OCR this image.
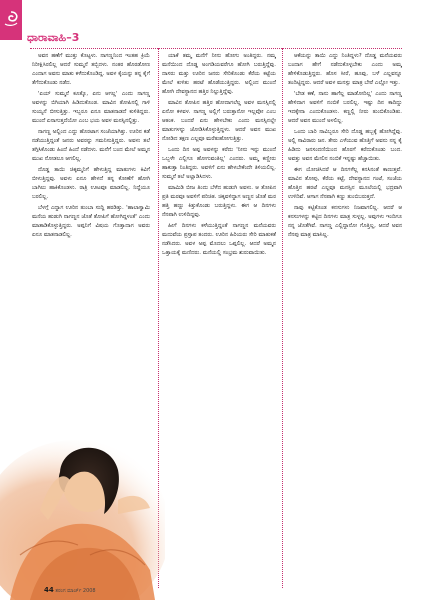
ಧಾರಾವಾಹಿ–3

ಅವನ ಹಣೆಗೆ ಮುತ್ತು ಕೊಟ್ಟಳು. ನಾಗಣ್ಣನಿಂದ ಇಂತಹ ಕ್ರಿಯೆ ನಿರೀಕ್ಷಿಸಿರಲಿಲ್ಲ ಆದರೆ ಸುಮ್ಮನೆ ತಬ್ಬಿದಳು. ನಂತರ ಹೊರಡೋಣ ಎಂದಾಗ ಅವನು ಮಾತು ಕಳೆದುಕೊಂಡಿದ್ದ. ಅವಳ ಕೈಯನ್ನು ತನ್ನ ಕೈಗೆ ತೆಗೆದುಕೊಂಡು ನಡೆದ.

'ಏಯ್ ಸುಮ್ಮನೆ ಕೂತ್ಕೊ, ಏನು ಆಗಲ್ಲ' ಎಂದು ನಾಗಣ್ಣ ಅವಳನ್ನು ಬಿಗಿಯಾಗಿ ಹಿಡಿದುಕೊಂಡ. ಮಾವಿನ ತೋಪಿನಲ್ಲಿ ಗಾಳಿ ಸುಯ್ಯನೆ ಬೀಸುತ್ತಿತ್ತು. ಇಬ್ಬರೂ ಏನೂ ಮಾತನಾಡದೆ ಕುಳಿತಿದ್ದರು. ಮುಂದೆ ಏನಾಗುತ್ತದೆಯೋ ಎಂಬ ಭಯ ಅವಳ ಮನಸ್ಸಿನಲ್ಲಿತ್ತು.

ನಾಗಣ್ಣ ಅಲ್ಲಿಂದ ಎದ್ದು ಹೊರಟಾಗ ಸಂಜೆಯಾಗಿತ್ತು. ಊರಿನ ಕಡೆ ನಡೆಯುತ್ತಿದ್ದಂತೆ ಜನರು ಅವರನ್ನು ಗಮನಿಸುತ್ತಿದ್ದರು. ಅವಳು ತಲೆ ತಗ್ಗಿಸಿಕೊಂಡು ಹಿಂದೆ ಹಿಂದೆ ನಡೆದಳು. ಮನೆಗೆ ಬಂದ ಮೇಲೆ ಅಮ್ಮನ ಮುಖ ನೋಡಲೂ ಆಗಲಿಲ್ಲ.

ದೊಡ್ಡ ತಾಯಿ ಚಿಕ್ಕಮ್ಮನಿಗೆ ಹೇಳುತ್ತಿದ್ದ ಮಾತುಗಳು ಕಿವಿಗೆ ಬೀಳುತ್ತಿದ್ದವು. ಅವಳು ಏನೂ ಹೇಳದೆ ತನ್ನ ಕೋಣೆಗೆ ಹೋಗಿ ಬಾಗಿಲು ಹಾಕಿಕೊಂಡಳು. ರಾತ್ರಿ ಊಟವೂ ಮಾಡಲಿಲ್ಲ. ನಿದ್ದೆಯೂ ಬರಲಿಲ್ಲ.

ಬೆಳಗ್ಗೆ ಎದ್ದಾಗ ಊರಿನ ತುಂಬಾ ಸುದ್ದಿ ಹರಡಿತ್ತು. 'ಹಾಲಾಸ್ವಾಮಿ ಮನೆಯ ಹುಡುಗಿ ನಾಗಣ್ಣನ ಜೊತೆ ತೋಪಿಗೆ ಹೋಗಿದ್ದಳಂತೆ' ಎಂದು ಮಾತಾಡಿಕೊಳ್ಳುತ್ತಿದ್ದರು. ಅಪ್ಪನಿಗೆ ವಿಷಯ ಗೊತ್ತಾದಾಗ ಅವರು ಏನೂ ಮಾತನಾಡಲಿಲ್ಲ.

ಯಾಕೆ ತಮ್ಮ ಮನೆಗೆ ನೀನು ಹೋಗು ಅಂತಿದ್ದರು. ನಮ್ಮ ಮನೆಯಿಂದ ದೊಡ್ಡ ಅಂಗಡಿಯವರೆಗೂ ಹೋಗಿ ಬರುತ್ತಿದ್ದೆವು. ದಾಸರು ಮತ್ತು ಊರಿನ ಜನರು ಸೇರಿಕೊಂಡು ಕೆರೆಯ ಕಟ್ಟೆಯ ಮೇಲೆ ಕುಳಿತು ಹರಟೆ ಹೊಡೆಯುತ್ತಿದ್ದರು. ಅಲ್ಲಿಂದ ಮುಂದೆ ಹೋಗಿ ದೇವಸ್ಥಾನದ ಹತ್ತಿರ ನಿಲ್ಲುತ್ತಿದ್ದೆವು.

ಮಾವಿನ ತೋಪಿನ ಹತ್ತಿರ ಹೋದಾಗಲೆಲ್ಲ ಅವಳ ಮನಸ್ಸಿನಲ್ಲಿ ಏನೋ ಕಳವಳ. ನಾಗಣ್ಣ ಅಲ್ಲಿಗೆ ಬರುತ್ತಾನೋ ಇಲ್ಲವೋ ಎಂಬ ಆತಂಕ. ಬಂದರೆ ಏನು ಹೇಳಬೇಕು ಎಂದು ಮನಸ್ಸಿನಲ್ಲೇ ಮಾತುಗಳನ್ನು ಜೋಡಿಸಿಕೊಳ್ಳುತ್ತಿದ್ದಳು. ಆದರೆ ಅವನ ಮುಖ ನೋಡಿದ ತಕ್ಷಣ ಎಲ್ಲವೂ ಮರೆತುಹೋಗುತ್ತಿತ್ತು.

ಒಂದು ದಿನ ಅಪ್ಪ ಅವಳನ್ನು ಕರೆದು 'ನೀನು ಇನ್ನು ಮುಂದೆ ಒಬ್ಬಳೇ ಎಲ್ಲಿಗೂ ಹೋಗುವಂತಿಲ್ಲ' ಎಂದರು. ಅಮ್ಮ ಕಣ್ಣೀರು ಹಾಕುತ್ತಾ ನಿಂತಿದ್ದರು. ಅವಳಿಗೆ ಏನು ಹೇಳಬೇಕೆಂದೇ ತಿಳಿಯಲಿಲ್ಲ. ಸುಮ್ಮನೆ ತಲೆ ಅಲ್ಲಾಡಿಸಿದಳು.

ಮಾಮಿಡಿ ಬೀಜ ತಿಂದು ಬೆಳೆದ ಹುಡುಗಿ ಅವಳು. ಆ ತೋಪಿನ ಪ್ರತಿ ಮರವೂ ಅವಳಿಗೆ ಪರಿಚಿತ. ಚಿಕ್ಕವಳಿದ್ದಾಗ ಅಣ್ಣನ ಜೊತೆ ಮರ ಹತ್ತಿ ಹಣ್ಣು ಕಿತ್ತುಕೊಂಡು ಬರುತ್ತಿದ್ದಳು. ಈಗ ಆ ದಿನಗಳು ನೆನಪಾಗಿ ಉಳಿದಿದ್ದವು.

ಹೀಗೆ ದಿನಗಳು ಕಳೆಯುತ್ತಿದ್ದಂತೆ ನಾಗಣ್ಣನ ಮನೆಯವರು ಮದುವೆಯ ಪ್ರಸ್ತಾಪ ತಂದರು. ಊರಿನ ಹಿರಿಯರು ಸೇರಿ ಮಾತುಕತೆ ನಡೆಸಿದರು. ಅವಳ ಅಪ್ಪ ಮೊದಲು ಒಪ್ಪಲಿಲ್ಲ. ಆದರೆ ಅಮ್ಮನ ಒತ್ತಾಯಕ್ಕೆ ಮಣಿದರು. ಮನೆಯಲ್ಲಿ ಸಂಭ್ರಮ ಶುರುವಾಯಿತು.

ಆಕೆಯನ್ನು ತಾಯಿ ಎದ್ದು ನಿಂತಿದ್ದಳು? ದೊಡ್ಡ ಮನೆಯವರು ಬಂದಾಗ ಹೇಗೆ ನಡೆದುಕೊಳ್ಳಬೇಕು ಎಂದು ಅಮ್ಮ ಹೇಳಿಕೊಡುತ್ತಿದ್ದರು. ಹೊಸ ಸೀರೆ, ಹೂವು, ಬಳೆ ಎಲ್ಲವನ್ನೂ ತಂದಿಟ್ಟಿದ್ದರು. ಆದರೆ ಅವಳ ಮನಸ್ಸು ಮಾತ್ರ ಬೇರೆ ಎಲ್ಲೋ ಇತ್ತು.

'ಬೇಡ ಕಣೆ, ನಾನು ಹಾಗೆಲ್ಲ ಮಾಡೋದಿಲ್ಲ' ಎಂದು ನಾಗಣ್ಣ ಹೇಳಿದಾಗ ಅವಳಿಗೆ ನಂಬಿಕೆ ಬರಲಿಲ್ಲ. ಇಷ್ಟು ದಿನ ಕಾದಿದ್ದು ಇದಕ್ಕೇನಾ ಎಂದುಕೊಂಡಳು. ಕಣ್ಣಲ್ಲಿ ನೀರು ತುಂಬಿಕೊಂಡಿತು. ಆದರೆ ಅವನ ಮುಂದೆ ಅಳಲಿಲ್ಲ.

ಒಂದು ಬಾರಿ ನಾವಿಬ್ಬರೂ ಸೇರಿ ದೊಡ್ಡ ಹಬ್ಬಕ್ಕೆ ಹೋಗಿದ್ದೆವು. ಅಲ್ಲಿ ಸಾವಿರಾರು ಜನ. ತೇರು ಎಳೆಯುವ ಹೊತ್ತಿಗೆ ಅವನು ನನ್ನ ಕೈ ಹಿಡಿದು ಜನಸಂದಣಿಯಿಂದ ಹೊರಗೆ ಕರೆದುಕೊಂಡು ಬಂದ. ಅವತ್ತು ಅವನ ಮೇಲಿನ ನಂಬಿಕೆ ಇನ್ನಷ್ಟು ಹೆಚ್ಚಾಯಿತು.

ಈಗ ಯೋಚಿಸಿದರೆ ಆ ದಿನಗಳೆಲ್ಲ ಕನಸಿನಂತೆ ಕಾಣುತ್ತವೆ. ಮಾವಿನ ತೋಪು, ಕೆರೆಯ ಕಟ್ಟೆ, ದೇವಸ್ಥಾನದ ಗಂಟೆ, ಸಂಜೆಯ ಹೊತ್ತಿನ ಹರಟೆ ಎಲ್ಲವೂ ಮನಸ್ಸಿನ ಮೂಲೆಯಲ್ಲಿ ಭದ್ರವಾಗಿ ಉಳಿದಿವೆ. ಆಗಾಗ ನೆನಪಾಗಿ ಕಣ್ಣು ತುಂಬಿಬರುತ್ತದೆ.

ನಾವು ಕಟ್ಟಿಕೊಂಡ ಕನಸುಗಳು ನಿಜವಾಗಲಿಲ್ಲ. ಆದರೆ ಆ ಕನಸುಗಳನ್ನು ಕಟ್ಟಿದ ದಿನಗಳು ಮಾತ್ರ ಸುಳ್ಳಲ್ಲ. ಅವುಗಳು ಇಂದಿಗೂ ನನ್ನ ಜೊತೆಗಿವೆ. ನಾಗಣ್ಣ ಎಲ್ಲಿದ್ದಾನೋ ಗೊತ್ತಿಲ್ಲ, ಆದರೆ ಅವನ ನೆನಪು ಮಾತ್ರ ಮಾಸಿಲ್ಲ.

44 ತರಂಗ ಮಾರ್ಚ್ 2008
